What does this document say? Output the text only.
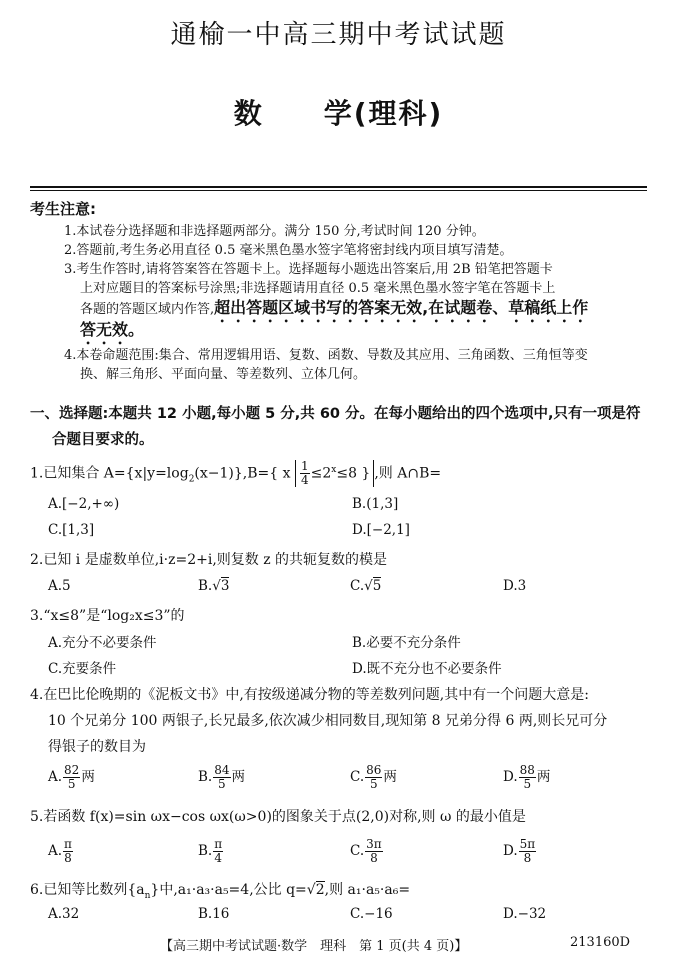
通榆一中高三期中考试试题
数 学(理科)
考生注意:
1.本试卷分选择题和非选择题两部分。满分 150 分,考试时间 120 分钟。
2.答题前,考生务必用直径 0.5 毫米黑色墨水签字笔将密封线内项目填写清楚。
3.考生作答时,请将答案答在答题卡上。选择题每小题选出答案后,用 2B 铅笔把答题卡
上对应题目的答案标号涂黑;非选择题请用直径 0.5 毫米黑色墨水签字笔在答题卡上
各题的答题区域内作答,超出答题区域书写的答案无效,在试题卷、草稿纸上作
答无效。
4.本卷命题范围:集合、常用逻辑用语、复数、函数、导数及其应用、三角函数、三角恒等变
换、解三角形、平面向量、等差数列、立体几何。
一、选择题:本题共 12 小题,每小题 5 分,共 60 分。在每小题给出的四个选项中,只有一项是符
合题目要求的。
1.已知集合 $A=\{x|y=\log_2(x-1)\},B=${ x $\frac{1}{4} \le 2^x\le 8$ } ,则 A∩B=
A.[−2,+∞)	B.(1,3]
C.[1,3]	D.[−2,1]
2.已知 i 是虚数单位,i·z=2+i,则复数 z 的共轭复数的模是
A.5	B.√3	C.√5	D.3
3.“x≤8”是“log₂x≤3”的
A.充分不必要条件	B.必要不充分条件
C.充要条件	D.既不充分也不必要条件
4.在巴比伦晚期的《泥板文书》中,有按级递减分物的等差数列问题,其中有一个问题大意是:
10 个兄弟分 100 两银子,长兄最多,依次减少相同数目,现知第 8 兄弟分得 6 两,则长兄可分
得银子的数目为
A. $\frac{82}{5}$ 两	B. $\frac{84}{5}$ 两	C. $\frac{86}{5}$ 两	D. $\frac{88}{5}$ 两
5.若函数 f(x)=sin ωx−cos ωx(ω>0)的图象关于点(2,0)对称,则 ω 的最小值是
A. $\frac{\pi}{8}$	B. $\frac{\pi}{4}$	C. $\frac{3\pi}{8}$	D. $\frac{5\pi}{8}$
6.已知等比数列$\{a_n\}$中,a₁·a₃·a₅=4,公比 q=√2,则 a₁·a₅·a₆=
A.32	B.16	C.−16	D.−32
【高三期中考试试题·数学　理科　第 1 页(共 4 页)】	213160D
